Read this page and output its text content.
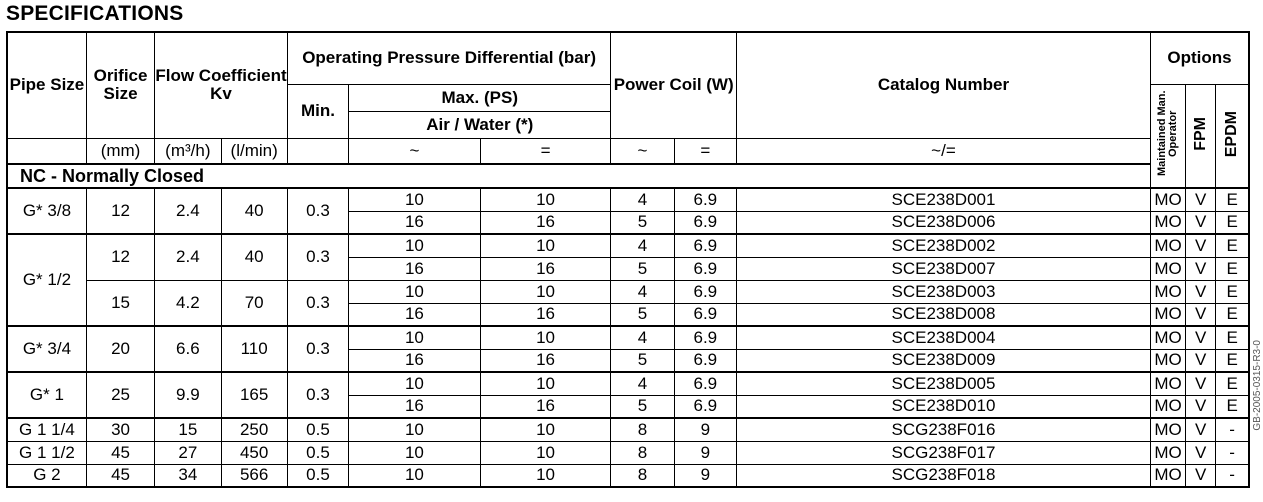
SPECIFICATIONS
Pipe Size	Orifice Size	Flow Coefficient Kv		Operating Pressure Differential (bar)			Power Coil (W)		Catalog Number	Options		
				Min.	Max. (PS)					Maintained Man. Operator	FPM	EPDM
					Air / Water (*)							
	(mm)	(m³/h)	(l/min)		~	=	~	=	~/=			
NC - Normally Closed												
G* 3/8	12	2.4	40	0.3	10	10	4	6.9	SCE238D001	MO	V	E
					16	16	5	6.9	SCE238D006	MO	V	E
G* 1/2	12	2.4	40	0.3	10	10	4	6.9	SCE238D002	MO	V	E
					16	16	5	6.9	SCE238D007	MO	V	E
	15	4.2	70	0.3	10	10	4	6.9	SCE238D003	MO	V	E
					16	16	5	6.9	SCE238D008	MO	V	E
G* 3/4	20	6.6	110	0.3	10	10	4	6.9	SCE238D004	MO	V	E
					16	16	5	6.9	SCE238D009	MO	V	E
G* 1	25	9.9	165	0.3	10	10	4	6.9	SCE238D005	MO	V	E
					16	16	5	6.9	SCE238D010	MO	V	E
G 1 1/4	30	15	250	0.5	10	10	8	9	SCG238F016	MO	V	-
G 1 1/2	45	27	450	0.5	10	10	8	9	SCG238F017	MO	V	-
G 2	45	34	566	0.5	10	10	8	9	SCG238F018	MO	V	-
GB-2005-0315-R3-0
